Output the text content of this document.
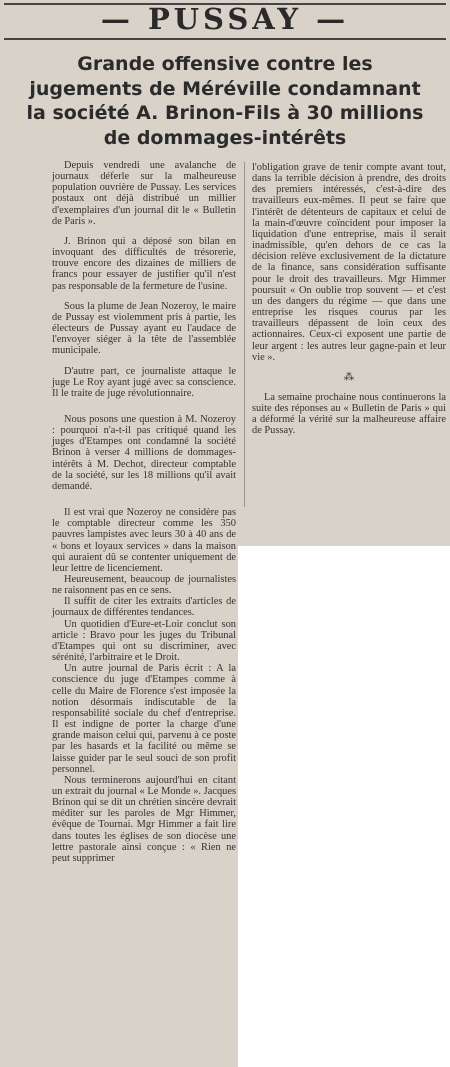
— PUSSAY —
Grande offensive contre les
jugements de Méréville condamnant
la société A. Brinon-Fils à 30 millions
de dommages-intérêts

Depuis vendredi une avalanche de journaux déferle sur la malheureuse population ouvrière de Pussay. Les services postaux ont déjà distribué un millier d'exemplaires d'un journal dit le « Bulletin de Paris ».

J. Brinon qui a déposé son bilan en invoquant des difficultés de trésorerie, trouve encore des dizaines de milliers de francs pour essayer de justifier qu'il n'est pas responsable de la fermeture de l'usine.

Sous la plume de Jean Nozeroy, le maire de Pussay est violemment pris à partie, les électeurs de Pussay ayant eu l'audace de l'envoyer siéger à la tête de l'assemblée municipale.

D'autre part, ce journaliste attaque le juge Le Roy ayant jugé avec sa conscience. Il le traite de juge révolutionnaire.

Nous posons une question à M. Nozeroy : pourquoi n'a-t-il pas critiqué quand les juges d'Etampes ont condamné la société Brinon à verser 4 millions de dommages-intérêts à M. Dechot, directeur comptable de la société, sur les 18 millions qu'il avait demandé.

Il est vrai que Nozeroy ne considère pas le comptable directeur comme les 350 pauvres lampistes avec leurs 30 à 40 ans de « bons et loyaux services » dans la maison qui auraient dû se contenter uniquement de leur lettre de licenciement.

Heureusement, beaucoup de journalistes ne raisonnent pas en ce sens.

Il suffit de citer les extraits d'articles de journaux de différentes tendances.

Un quotidien d'Eure-et-Loir conclut son article : Bravo pour les juges du Tribunal d'Etampes qui ont su discriminer, avec sérénité, l'arbitraire et le Droit.

Un autre journal de Paris écrit : A la conscience du juge d'Etampes comme à celle du Maire de Florence s'est imposée la notion désormais indiscutable de la responsabilité sociale du chef d'entreprise. Il est indigne de porter la charge d'une grande maison celui qui, parvenu à ce poste par les hasards et la facilité ou même se laisse guider par le seul souci de son profit personnel.

Nous terminerons aujourd'hui en citant un extrait du journal « Le Monde ». Jacques Brinon qui se dit un chrétien sincère devrait méditer sur les paroles de Mgr Himmer, évêque de Tournai. Mgr Himmer a fait lire dans toutes les églises de son diocèse une lettre pastorale ainsi conçue : « Rien ne peut supprimer

l'obligation grave de tenir compte avant tout, dans la terrible décision à prendre, des droits des premiers intéressés, c'est-à-dire des travailleurs eux-mêmes. Il peut se faire que l'intérêt de détenteurs de capitaux et celui de la main-d'œuvre coïncident pour imposer la liquidation d'une entreprise, mais il serait inadmissible, qu'en dehors de ce cas la décision relève exclusivement de la dictature de la finance, sans considération suffisante pour le droit des travailleurs. Mgr Himmer poursuit « On oublie trop souvent — et c'est un des dangers du régime — que dans une entreprise les risques courus par les travailleurs dépassent de loin ceux des actionnaires. Ceux-ci exposent une partie de leur argent : les autres leur gagne-pain et leur vie ».

⁂

La semaine prochaine nous continuerons la suite des réponses au « Bulletin de Paris » qui a déformé la vérité sur la malheureuse affaire de Pussay.
